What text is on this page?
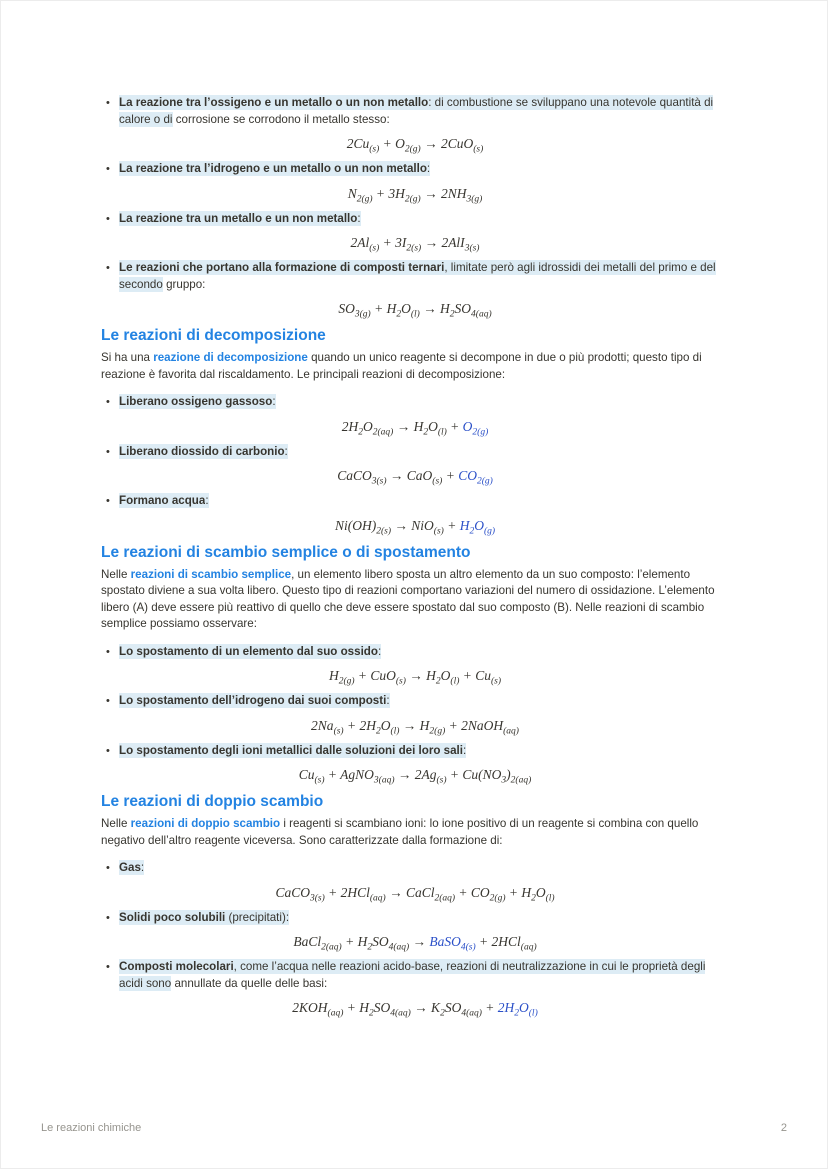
• La reazione tra l’ossigeno e un metallo o un non metallo: di combustione se sviluppano una notevole quantità di calore o di corrosione se corrodono il metallo stesso:

$2Cu_{(s)} + O_{2(g)} \to 2CuO_{(s)}$
• La reazione tra l’idrogeno e un metallo o un non metallo:

$N_{2(g)} + 3H_{2(g)} \to 2NH_{3(g)}$
• La reazione tra un metallo e un non metallo:

$2Al_{(s)} + 3I_{2(s)} \to 2AlI_{3(s)}$
• Le reazioni che portano alla formazione di composti ternari, limitate però agli idrossidi dei metalli del primo e del secondo gruppo:

$SO_{3(g)} + H_2O_{(l)} \to H_2SO_{4(aq)}$
Le reazioni di decomposizione

Si ha una reazione di decomposizione quando un unico reagente si decompone in due o più prodotti; questo tipo di reazione è favorita dal riscaldamento. Le principali reazioni di decomposizione:

• Liberano ossigeno gassoso:

$2H_2O_{2(aq)} \to H_2O_{(l)} + O_{2(g)}$
• Liberano diossido di carbonio:

CaCO$_{3(s)}$ → $CaO_{(s)} + CO_{2(g)}$
• Formano acqua:

$Ni(OH)_{2(s)} \to NiO_{(s)} + H_2O_{(g)}$
Le reazioni di scambio semplice o di spostamento

Nelle reazioni di scambio semplice, un elemento libero sposta un altro elemento da un suo composto: l’elemento spostato diviene a sua volta libero. Questo tipo di reazioni comportano variazioni del numero di ossidazione. L’elemento libero (A) deve essere più reattivo di quello che deve essere spostato dal suo composto (B). Nelle reazioni di scambio semplice possiamo osservare:

• Lo spostamento di un elemento dal suo ossido:

$H_{2(g)} + CuO_{(s)} \to H_2O_{(l)} + Cu_{(s)}$
• Lo spostamento dell’idrogeno dai suoi composti:

$2Na_{(s)} + 2H_2O_{(l)} \to H_{2(g)}$ + 2NaOH$_{(aq)}$
• Lo spostamento degli ioni metallici dalle soluzioni dei loro sali:

$Cu_{(s)}$ + AgNO$_{3(aq)}$ → $2Ag_{(s)} + Cu(NO_3)_{2(aq)}$
Le reazioni di doppio scambio

Nelle reazioni di doppio scambio i reagenti si scambiano ioni: lo ione positivo di un reagente si combina con quello negativo dell’altro reagente viceversa. Sono caratterizzate dalla formazione di:

• Gas:

CaCO$_{3(s)}$ + 2HCl$_{(aq)}$ → CaCl$_{2(aq)}$ + $CO_{2(g)} + H_2O_{(l)}$
• Solidi poco solubili (precipitati):

BaCl$_{2(aq)}$ + $H_2SO_{4(aq)}$ → BaSO$_{4(s)}$ + 2HCl$_{(aq)}$
• Composti molecolari, come l’acqua nelle reazioni acido-base, reazioni di neutralizzazione in cui le proprietà degli acidi sono annullate da quelle delle basi:

$2KOH_{(aq)} + H_2SO_{4(aq)} \to K_2SO_{4(aq)} + 2H_2O_{(l)}$
Le reazioni chimiche	2
